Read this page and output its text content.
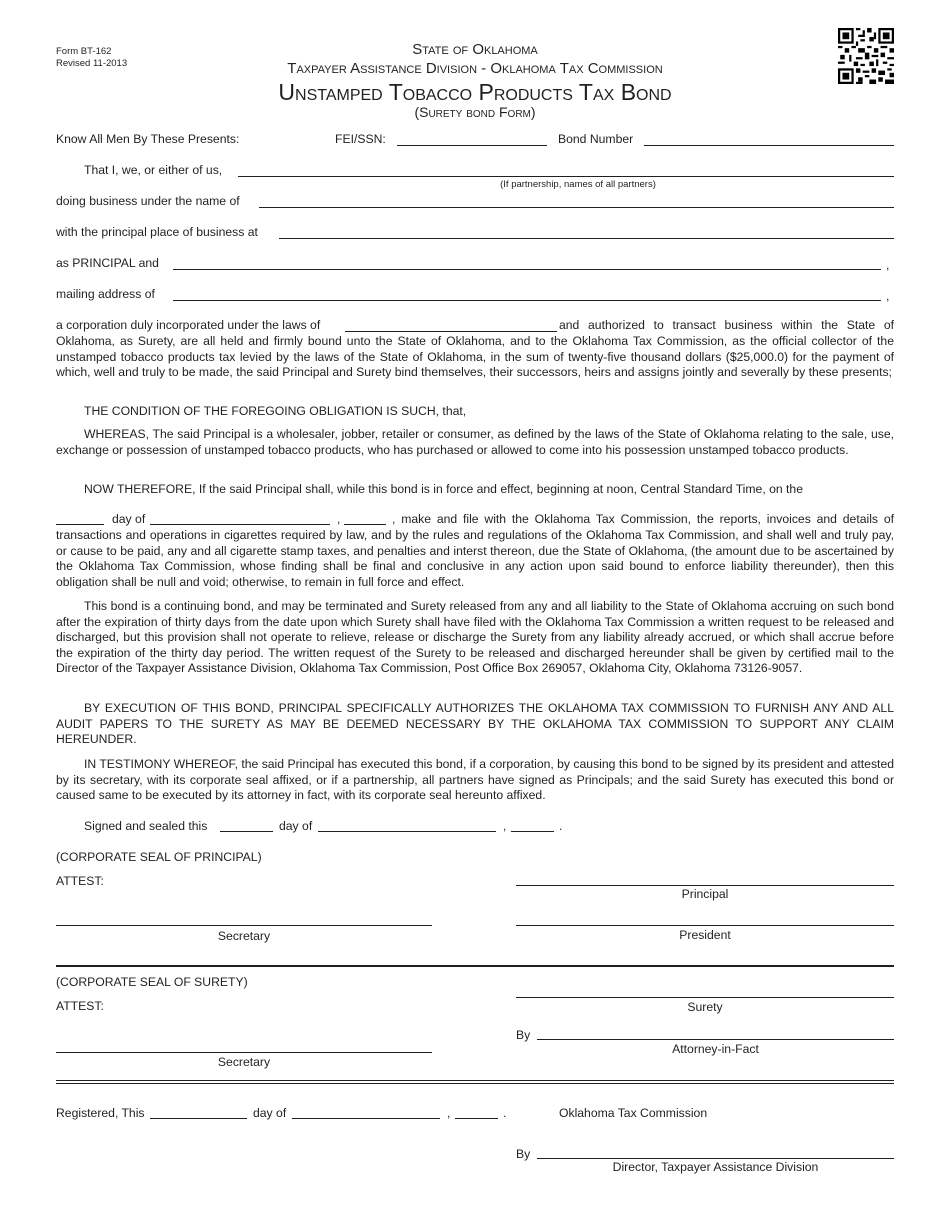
Form BT-162
Revised 11-2013
State of Oklahoma
Taxpayer Assistance Division - Oklahoma Tax Commission
Unstamped Tobacco Products Tax Bond
(Surety bond Form)
Know All Men By These Presents:	FEI/SSN:	Bond Number
That I, we, or either of us,
(If partnership, names of all partners)
doing business under the name of
with the principal place of business at
as PRINCIPAL and	,
mailing address of	,
a corporation duly incorporated under the laws of	and authorized to transact business within the State of
Oklahoma, as Surety, are all held and firmly bound unto the State of Oklahoma, and to the Oklahoma Tax Commission, as the official collector of the unstamped tobacco products tax levied by the laws of the State of Oklahoma, in the sum of twenty-five thousand dollars ($25,000.0) for the payment of which, well and truly to be made, the said Principal and Surety bind themselves, their successors, heirs and assigns jointly and severally by these presents;
THE CONDITION OF THE FOREGOING OBLIGATION IS SUCH, that,
WHEREAS, The said Principal is a wholesaler, jobber, retailer or consumer, as defined by the laws of the State of Oklahoma relating to the sale, use, exchange or possession of unstamped tobacco products, who has purchased or allowed to come into his possession unstamped tobacco products.
NOW THEREFORE, If the said Principal shall, while this bond is in force and effect, beginning at noon, Central Standard Time, on the
day of	,	, make and file with the Oklahoma Tax Commission, the reports, invoices and details of
transactions and operations in cigarettes required by law, and by the rules and regulations of the Oklahoma Tax Commission, and shall well and truly pay, or cause to be paid, any and all cigarette stamp taxes, and penalties and interst thereon, due the State of Oklahoma, (the amount due to be ascertained by the Oklahoma Tax Commission, whose finding shall be final and conclusive in any action upon said bound to enforce liability thereunder), then this obligation shall be null and void; otherwise, to remain in full force and effect.
This bond is a continuing bond, and may be terminated and Surety released from any and all liability to the State of Oklahoma accruing on such bond after the expiration of thirty days from the date upon which Surety shall have filed with the Oklahoma Tax Commission a written request to be released and discharged, but this provision shall not operate to relieve, release or discharge the Surety from any liability already accrued, or which shall accrue before the expiration of the thirty day period. The written request of the Surety to be released and discharged hereunder shall be given by certified mail to the Director of the Taxpayer Assistance Division, Oklahoma Tax Commission, Post Office Box 269057, Oklahoma City, Oklahoma 73126-9057.
BY EXECUTION OF THIS BOND, PRINCIPAL SPECIFICALLY AUTHORIZES THE OKLAHOMA TAX COMMISSION TO FURNISH ANY AND ALL AUDIT PAPERS TO THE SURETY AS MAY BE DEEMED NECESSARY BY THE OKLAHOMA TAX COMMISSION TO SUPPORT ANY CLAIM HEREUNDER.
IN TESTIMONY WHEREOF, the said Principal has executed this bond, if a corporation, by causing this bond to be signed by its president and attested by its secretary, with its corporate seal affixed, or if a partnership, all partners have signed as Principals; and the said Surety has executed this bond or caused same to be executed by its attorney in fact, with its corporate seal hereunto affixed.
Signed and sealed this	day of	,	.
(CORPORATE SEAL OF PRINCIPAL)
ATTEST:
Principal
Secretary	President
(CORPORATE SEAL OF SURETY)
ATTEST:	Surety
By
Attorney-in-Fact
Secretary
Registered, This	day of	,	.	Oklahoma Tax Commission
By
Director, Taxpayer Assistance Division
